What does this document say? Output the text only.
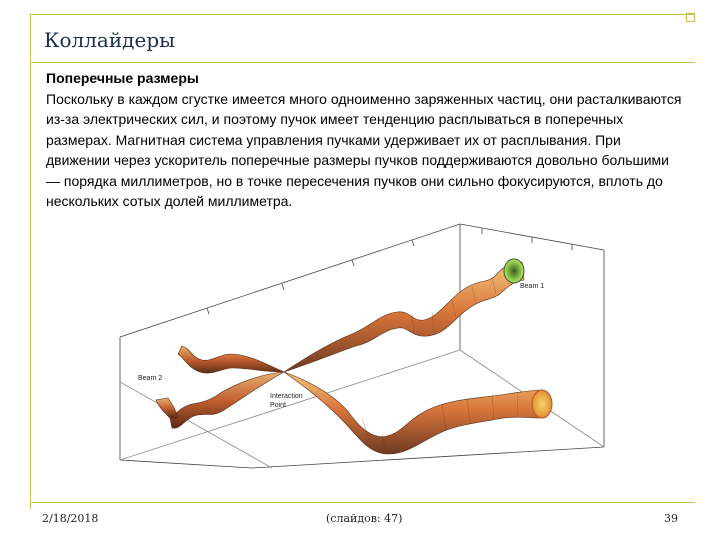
Коллайдеры
Поперечные размеры
Поскольку в каждом сгустке имеется много одноименно заряженных частиц, они расталкиваются из-за электрических сил, и поэтому пучок имеет тенденцию расплываться в поперечных размерах. Магнитная система управления пучками удерживает их от расплывания. При движении через ускоритель поперечные размеры пучков поддерживаются довольно большими — порядка миллиметров, но в точке пересечения пучков они сильно фокусируются, вплоть до нескольких сотых долей миллиметра.
Beam 1
Beam 2
Interaction
Point
2/18/2018	(слайдов: 47)	39
